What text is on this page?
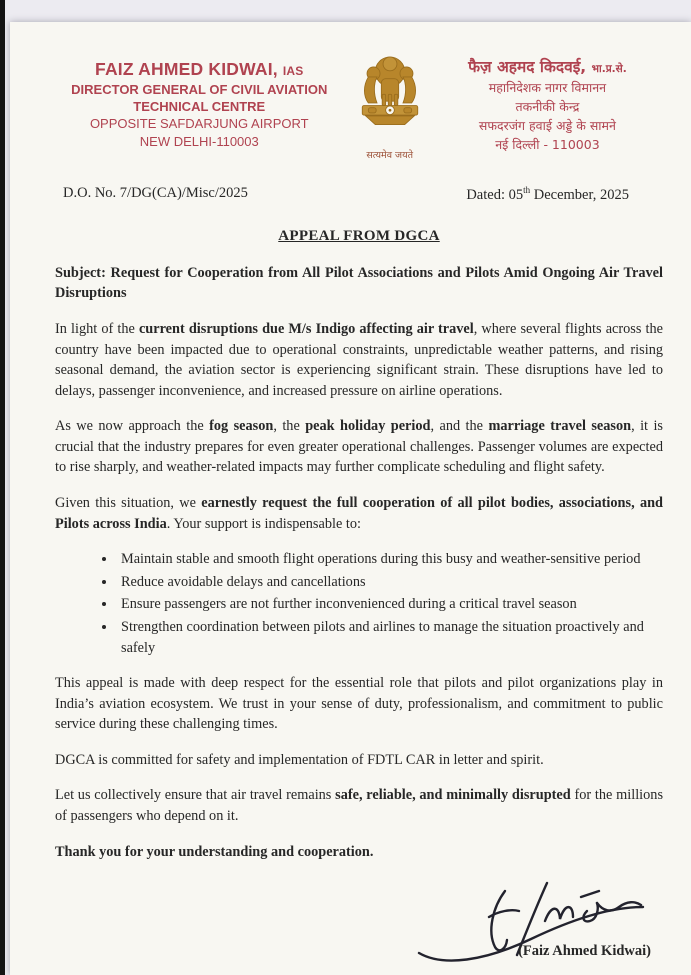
FAIZ AHMED KIDWAI, IAS
DIRECTOR GENERAL OF CIVIL AVIATION
TECHNICAL CENTRE
OPPOSITE SAFDARJUNG AIRPORT
NEW DELHI-110003
सत्यमेव जयते
फैज़ अहमद किदवई, भा.प्र.से.
महानिदेशक नागर विमानन
तकनीकी केन्द्र
सफदरजंग हवाई अड्डे के सामने
नई दिल्ली - 110003
D.O. No. 7/DG(CA)/Misc/2025	Dated: 05th December, 2025
APPEAL FROM DGCA

Subject: Request for Cooperation from All Pilot Associations and Pilots Amid Ongoing Air Travel Disruptions

In light of the current disruptions due M/s Indigo affecting air travel, where several flights across the country have been impacted due to operational constraints, unpredictable weather patterns, and rising seasonal demand, the aviation sector is experiencing significant strain. These disruptions have led to delays, passenger inconvenience, and increased pressure on airline operations.

As we now approach the fog season, the peak holiday period, and the marriage travel season, it is crucial that the industry prepares for even greater operational challenges. Passenger volumes are expected to rise sharply, and weather-related impacts may further complicate scheduling and flight safety.

Given this situation, we earnestly request the full cooperation of all pilot bodies, associations, and Pilots across India. Your support is indispensable to:

• Maintain stable and smooth flight operations during this busy and weather-sensitive period
• Reduce avoidable delays and cancellations
• Ensure passengers are not further inconvenienced during a critical travel season
• Strengthen coordination between pilots and airlines to manage the situation proactively and safely

This appeal is made with deep respect for the essential role that pilots and pilot organizations play in India’s aviation ecosystem. We trust in your sense of duty, professionalism, and commitment to public service during these challenging times.

DGCA is committed for safety and implementation of FDTL CAR in letter and spirit.

Let us collectively ensure that air travel remains safe, reliable, and minimally disrupted for the millions of passengers who depend on it.

Thank you for your understanding and cooperation.

(Faiz Ahmed Kidwai)
